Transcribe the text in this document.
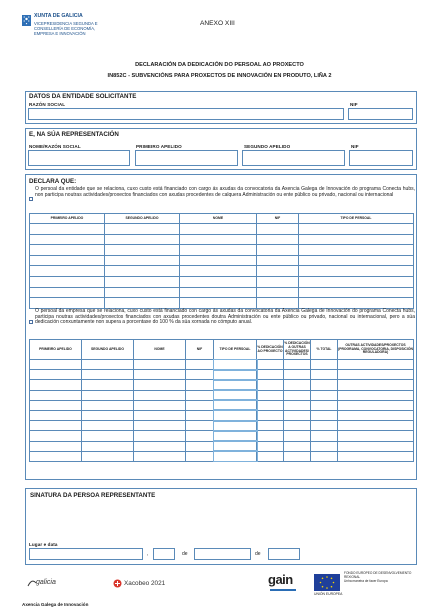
XUNTA DE GALICIA
VICEPRESIDENCIA SEGUNDA E
CONSELLERÍA DE ECONOMÍA,
EMPRESA E INNOVACIÓN
ANEXO XIII
DECLARACIÓN DA DEDICACIÓN DO PERSOAL AO PROXECTO
IN852C - SUBVENCIÓNS PARA PROXECTOS DE INNOVACIÓN EN PRODUTO, LIÑA 2
DATOS DA ENTIDADE SOLICITANTE
RAZÓN SOCIAL	NIF
E, NA SÚA REPRESENTACIÓN
NOME/RAZÓN SOCIAL	PRIMEIRO APELIDO	SEGUNDO APELIDO	NIF
DECLARA QUE:
O persoal da entidade que se relaciona, cuxo custo está financiado con cargo ás axudas da convocatoria da Axencia Galega de Innovación do programa Conecta hubs, non participa noutras actividades/proxectos financiados con axudas procedentes de calquera Administración ou ente público ou privado, nacional ou internacional
PRIMEIRO APELIDO	SEGUNDO APELIDO	NOME	NIF	TIPO DE PERSOAL

O persoal da empresa que se relaciona, cuxo custo está financiado con cargo ás axudas da convocatoria da Axencia Galega de Innovación do programa Conecta hubs, participa noutras actividades/proxectos financiados con axudas procedentes doutra Administración ou ente público ou privado, nacional ou internacional, pero a súa dedicación conxuntamente non supera a porcentaxe do 100 % da súa xornada no cómputo anual.
PRIMEIRO APELIDO	SEGUNDO APELIDO	NOME	NIF	TIPO DE PERSOAL	% DEDICACIÓN AO PROXECTO	% DEDICACIÓN A OUTRAS ACTIVIDADES/ PROXECTOS	% TOTAL	OUTRAS ACTIVIDADES/PROXECTOS (PROGRAMA, CONVOCATORIA, DISPOSICIÓN REGULADORA)

SINATURA DA PERSOA REPRESENTANTE
Lugar e data
,	de	de
galicia	Xacobeo 2021	gain
UNIÓN EUROPEA
FONDO EUROPEO DE DESENVOLVEMENTO
REXIONAL
Unha maneira de facer Europa
Axencia Galega de Innovación
